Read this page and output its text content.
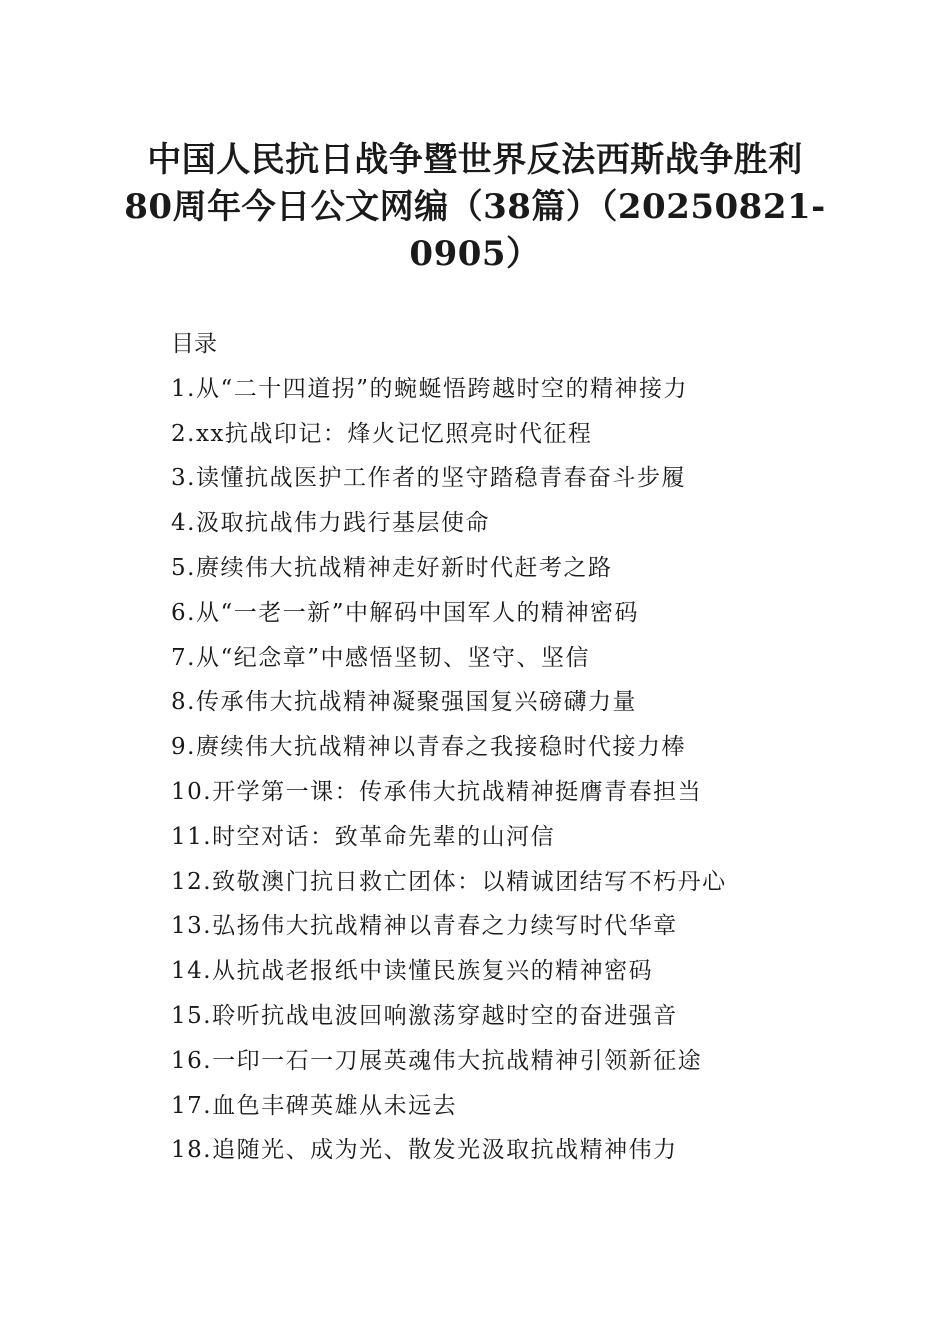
中国人民抗日战争暨世界反法西斯战争胜利
80周年今日公文网编（38篇）（20250821-
0905）
目录
1.从“二十四道拐”的蜿蜒悟跨越时空的精神接力
2.xx抗战印记：烽火记忆照亮时代征程
3.读懂抗战医护工作者的坚守踏稳青春奋斗步履
4.汲取抗战伟力践行基层使命
5.赓续伟大抗战精神走好新时代赶考之路
6.从“一老一新”中解码中国军人的精神密码
7.从“纪念章”中感悟坚韧、坚守、坚信
8.传承伟大抗战精神凝聚强国复兴磅礴力量
9.赓续伟大抗战精神以青春之我接稳时代接力棒
10.开学第一课：传承伟大抗战精神挺膺青春担当
11.时空对话：致革命先辈的山河信
12.致敬澳门抗日救亡团体：以精诚团结写不朽丹心
13.弘扬伟大抗战精神以青春之力续写时代华章
14.从抗战老报纸中读懂民族复兴的精神密码
15.聆听抗战电波回响激荡穿越时空的奋进强音
16.一印一石一刀展英魂伟大抗战精神引领新征途
17.血色丰碑英雄从未远去
18.追随光、成为光、散发光汲取抗战精神伟力
